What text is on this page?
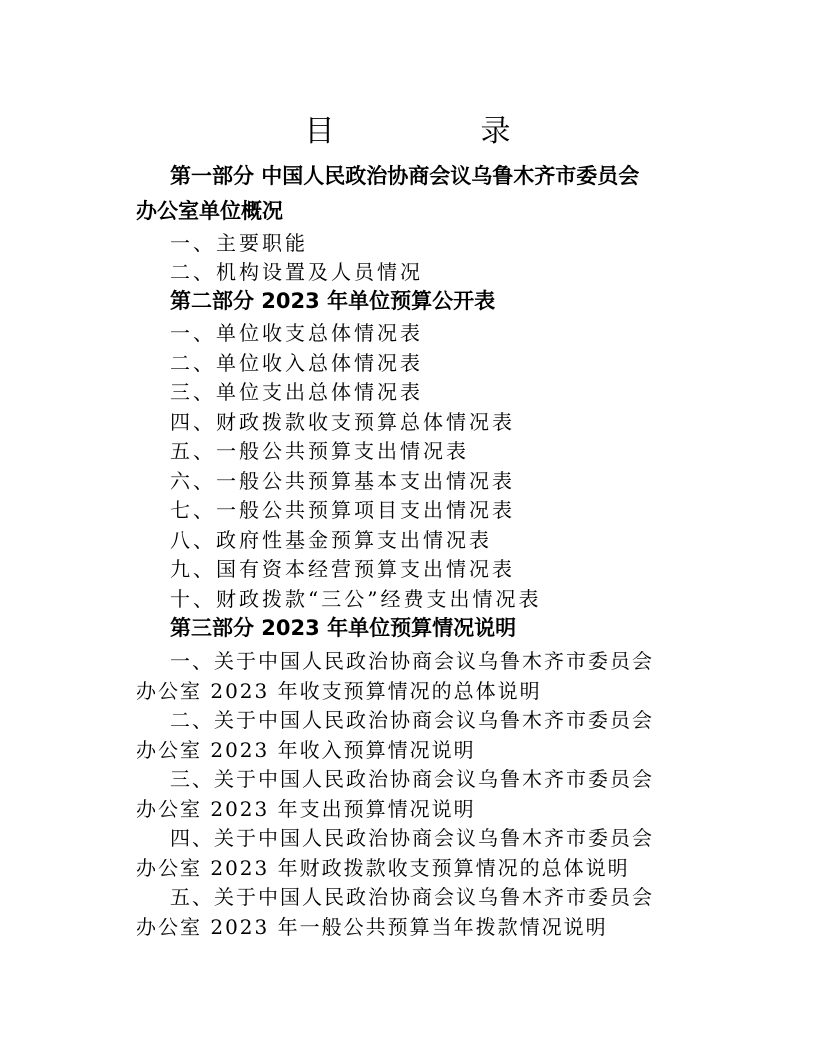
目　录
第一部分 中国人民政治协商会议乌鲁木齐市委员会
办公室单位概况
一、主要职能
二、机构设置及人员情况
第二部分 2023 年单位预算公开表
一、单位收支总体情况表
二、单位收入总体情况表
三、单位支出总体情况表
四、财政拨款收支预算总体情况表
五、一般公共预算支出情况表
六、一般公共预算基本支出情况表
七、一般公共预算项目支出情况表
八、政府性基金预算支出情况表
九、国有资本经营预算支出情况表
十、财政拨款“三公”经费支出情况表
第三部分 2023 年单位预算情况说明
一、关于中国人民政治协商会议乌鲁木齐市委员会
办公室 2023 年收支预算情况的总体说明
二、关于中国人民政治协商会议乌鲁木齐市委员会
办公室 2023 年收入预算情况说明
三、关于中国人民政治协商会议乌鲁木齐市委员会
办公室 2023 年支出预算情况说明
四、关于中国人民政治协商会议乌鲁木齐市委员会
办公室 2023 年财政拨款收支预算情况的总体说明
五、关于中国人民政治协商会议乌鲁木齐市委员会
办公室 2023 年一般公共预算当年拨款情况说明
